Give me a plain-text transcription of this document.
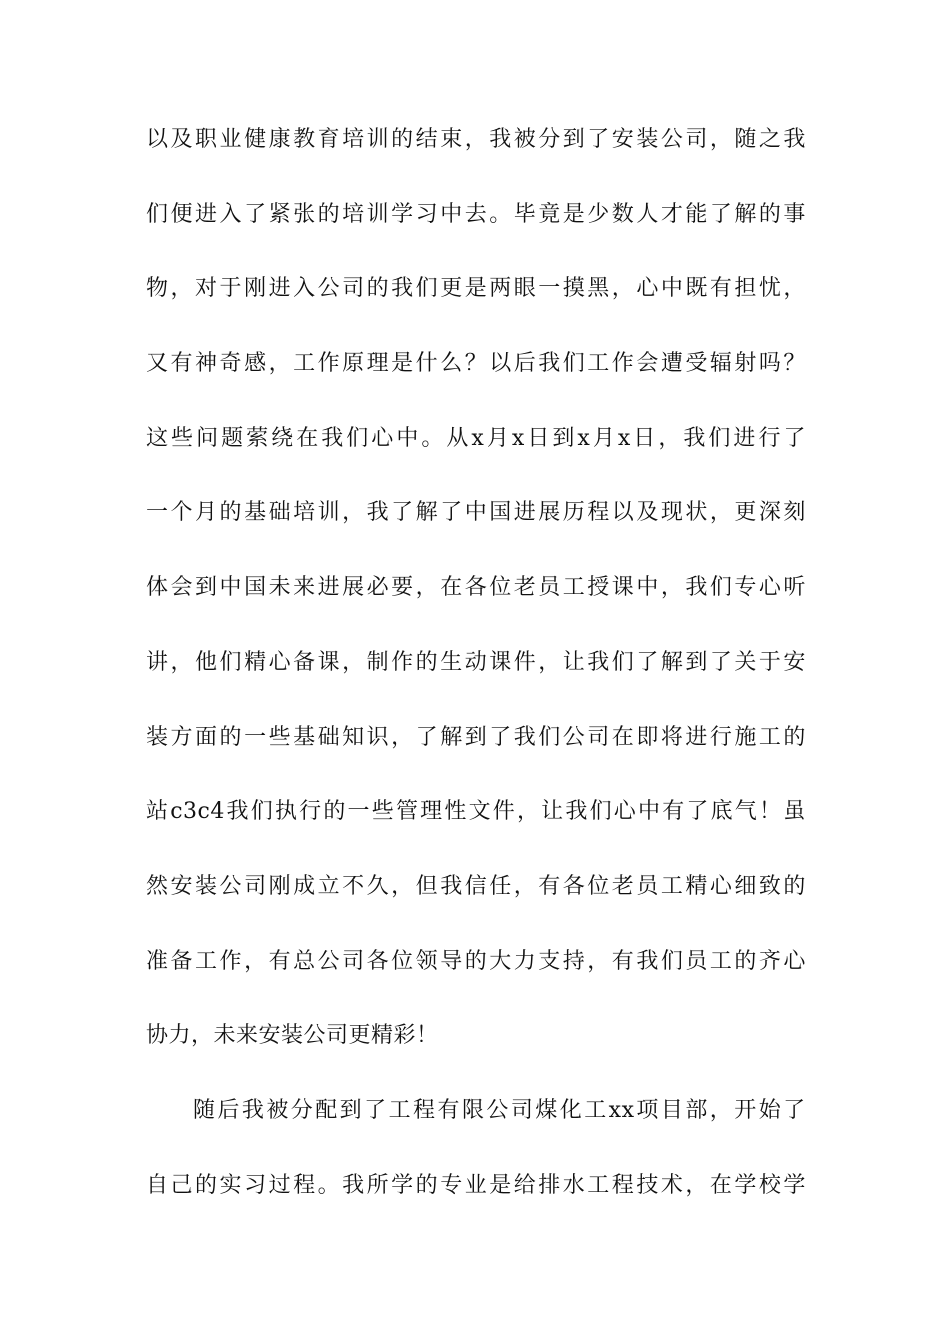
以 及 职 业 健 康 教 育 培 训 的 结 束 ， 我 被 分 到 了 安 装 公 司 ， 随 之 我
们 便 进 入 了 紧 张 的 培 训 学 习 中 去 。 毕 竟 是 少 数 人 才 能 了 解 的 事
物 ， 对 于 刚 进 入 公 司 的 我 们 更 是 两 眼 一 摸 黑 ， 心 中 既 有 担 忧 ，
又 有 神 奇 感 ， 工 作 原 理 是 什 么 ？ 以 后 我 们 工 作 会 遭 受 辐 射 吗 ？
这 些 问 题 萦 绕 在 我 们 心 中 。 从 x 月 x 日 到 x 月 x 日 ， 我 们 进 行 了
一 个 月 的 基 础 培 训 ， 我 了 解 了 中 国 进 展 历 程 以 及 现 状 ， 更 深 刻
体 会 到 中 国 未 来 进 展 必 要 ， 在 各 位 老 员 工 授 课 中 ， 我 们 专 心 听
讲 ， 他 们 精 心 备 课 ， 制 作 的 生 动 课 件 ， 让 我 们 了 解 到 了 关 于 安
装 方 面 的 一 些 基 础 知 识 ， 了 解 到 了 我 们 公 司 在 即 将 进 行 施 工 的
站 c3c4 我 们 执 行 的 一 些 管 理 性 文 件 ， 让 我 们 心 中 有 了 底 气 ！ 虽
然 安 装 公 司 刚 成 立 不 久 ， 但 我 信 任 ， 有 各 位 老 员 工 精 心 细 致 的
准 备 工 作 ， 有 总 公 司 各 位 领 导 的 大 力 支 持 ， 有 我 们 员 工 的 齐 心
协力，未来安装公司更精彩！

随 后 我 被 分 配 到 了 工 程 有 限 公 司 煤 化 工 xx 项 目 部 ， 开 始 了
自 己 的 实 习 过 程 。 我 所 学 的 专 业 是 给 排 水 工 程 技 术 ， 在 学 校 学
